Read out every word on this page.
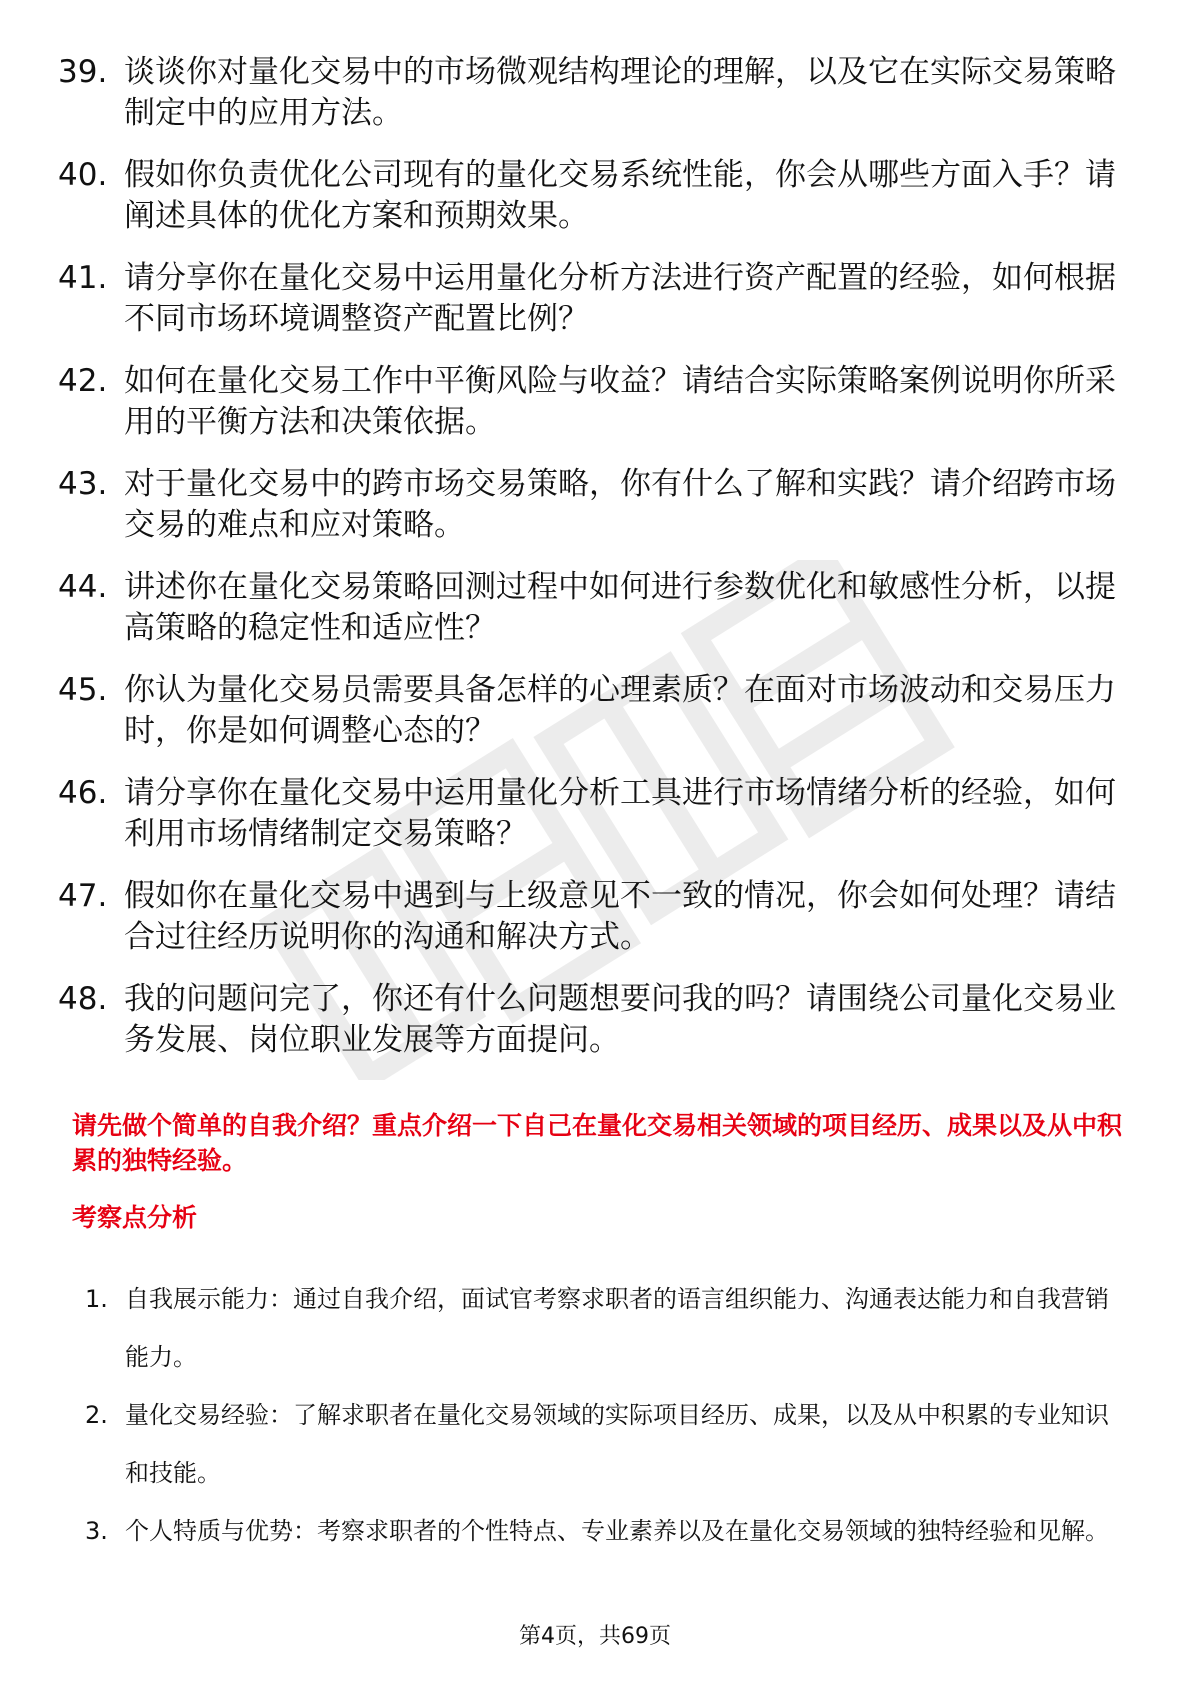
39. 谈谈你对量化交易中的市场微观结构理论的理解，以及它在实际交易策略制定中的应用方法。
40. 假如你负责优化公司现有的量化交易系统性能，你会从哪些方面入手？请阐述具体的优化方案和预期效果。
41. 请分享你在量化交易中运用量化分析方法进行资产配置的经验，如何根据不同市场环境调整资产配置比例？
42. 如何在量化交易工作中平衡风险与收益？请结合实际策略案例说明你所采用的平衡方法和决策依据。
43. 对于量化交易中的跨市场交易策略，你有什么了解和实践？请介绍跨市场交易的难点和应对策略。
44. 讲述你在量化交易策略回测过程中如何进行参数优化和敏感性分析，以提高策略的稳定性和适应性？
45. 你认为量化交易员需要具备怎样的心理素质？在面对市场波动和交易压力时，你是如何调整心态的？
46. 请分享你在量化交易中运用量化分析工具进行市场情绪分析的经验，如何利用市场情绪制定交易策略？
47. 假如你在量化交易中遇到与上级意见不一致的情况，你会如何处理？请结合过往经历说明你的沟通和解决方式。
48. 我的问题问完了，你还有什么问题想要问我的吗？请围绕公司量化交易业务发展、岗位职业发展等方面提问。

请先做个简单的自我介绍？重点介绍一下自己在量化交易相关领域的项目经历、成果以及从中积累的独特经验。

考察点分析

1. 自我展示能力：通过自我介绍，面试官考察求职者的语言组织能力、沟通表达能力和自我营销能力。
2. 量化交易经验：了解求职者在量化交易领域的实际项目经历、成果，以及从中积累的专业知识和技能。
3. 个人特质与优势：考察求职者的个性特点、专业素养以及在量化交易领域的独特经验和见解。
第4页，共69页
